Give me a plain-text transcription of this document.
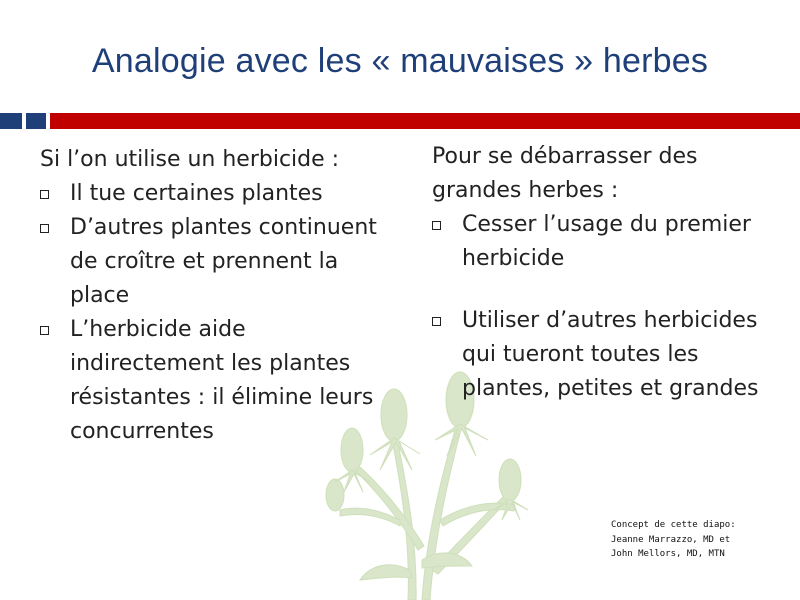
Analogie avec les « mauvaises » herbes

Si l’on utilise un herbicide :

Il tue certaines plantes
D’autres plantes continuent de croître et prennent la place
L’herbicide aide indirectement les plantes résistantes : il élimine leurs concurrentes

Pour se débarrasser des grandes herbes :

Cesser l’usage du premier herbicide
Utiliser d’autres herbicides qui tueront toutes les plantes, petites et grandes
Concept de cette diapo:
Jeanne Marrazzo, MD et
John Mellors, MD, MTN
